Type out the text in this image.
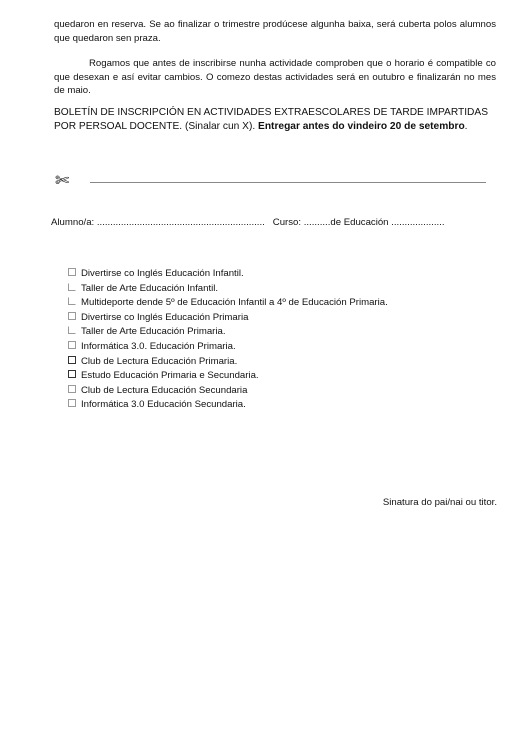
quedaron en reserva. Se ao finalizar o trimestre prodúcese algunha baixa, será cuberta polos alumnos que quedaron sen praza.

Rogamos que antes de inscribirse nunha actividade comproben que o horario é compatible co que desexan e así evitar cambios. O comezo destas actividades será en outubro e finalizarán no mes de maio.

BOLETÍN DE INSCRIPCIÓN EN ACTIVIDADES EXTRAESCOLARES DE TARDE IMPARTIDAS POR PERSOAL DOCENTE. (Sinalar cun X). Entregar antes do vindeiro 20 de setembro.

✄
Alumno/a: ............................................................... Curso: ..........de Educación ....................
Divertirse co Inglés Educación Infantil.
Taller de Arte Educación Infantil.
Multideporte dende 5º de Educación Infantil a 4º de Educación Primaria.
Divertirse co Inglés Educación Primaria
Taller de Arte Educación Primaria.
Informática 3.0. Educación Primaria.
Club de Lectura Educación Primaria.
Estudo Educación Primaria e Secundaria.
Club de Lectura Educación Secundaria
Informática 3.0 Educación Secundaria.
Sinatura do pai/nai ou titor.
